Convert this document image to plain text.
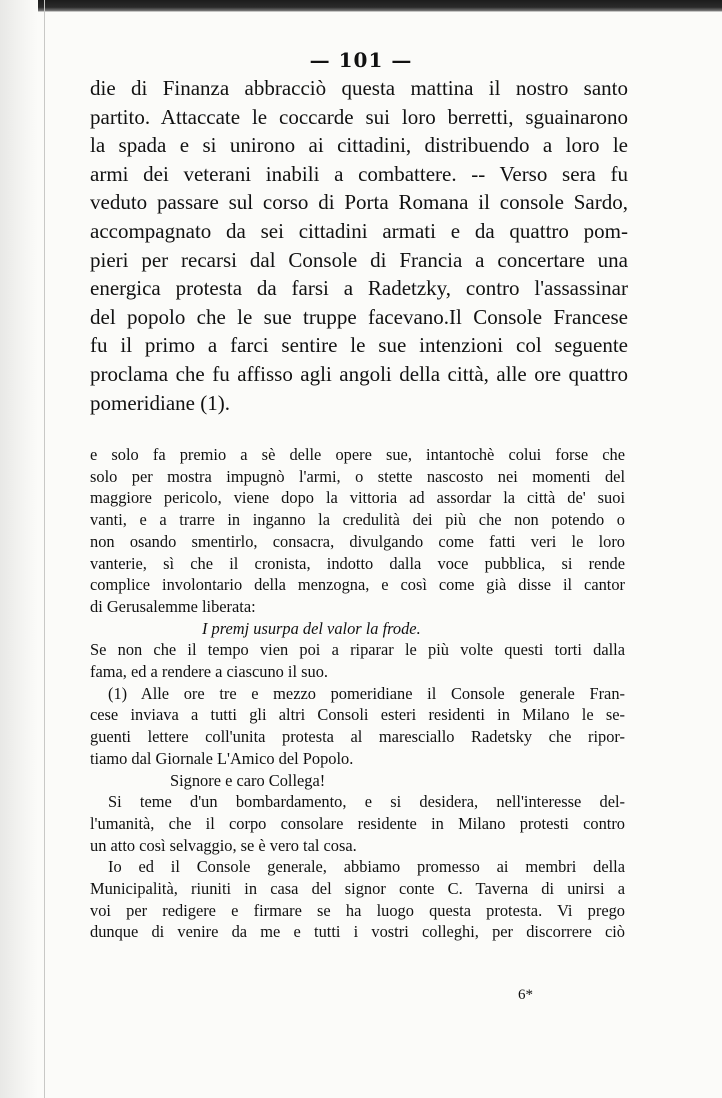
— 101 —
die di Finanza abbracciò questa mattina il nostro santo
partito. Attaccate le coccarde sui loro berretti, sguainarono
la spada e si unirono ai cittadini, distribuendo a loro le
armi dei veterani inabili a combattere. -- Verso sera fu
veduto passare sul corso di Porta Romana il console Sardo,
accompagnato da sei cittadini armati e da quattro pom-
pieri per recarsi dal Console di Francia a concertare una
energica protesta da farsi a Radetzky, contro l'assassinar
del popolo che le sue truppe facevano.Il Console Francese
fu il primo a farci sentire le sue intenzioni col seguente
proclama che fu affisso agli angoli della città, alle ore quattro
pomeridiane (1).
e solo fa premio a sè delle opere sue, intantochè colui forse che
solo per mostra impugnò l'armi, o stette nascosto nei momenti del
maggiore pericolo, viene dopo la vittoria ad assordar la città de' suoi
vanti, e a trarre in inganno la credulità dei più che non potendo o
non osando smentirlo, consacra, divulgando come fatti veri le loro
vanterie, sì che il cronista, indotto dalla voce pubblica, si rende
complice involontario della menzogna, e così come già disse il cantor
di Gerusalemme liberata:
I premj usurpa del valor la frode.
Se non che il tempo vien poi a riparar le più volte questi torti dalla
fama, ed a rendere a ciascuno il suo.
(1) Alle ore tre e mezzo pomeridiane il Console generale Fran-
cese inviava a tutti gli altri Consoli esteri residenti in Milano le se-
guenti lettere coll'unita protesta al maresciallo Radetsky che ripor-
tiamo dal Giornale L'Amico del Popolo.
Signore e caro Collega!
Si teme d'un bombardamento, e si desidera, nell'interesse del-
l'umanità, che il corpo consolare residente in Milano protesti contro
un atto così selvaggio, se è vero tal cosa.
Io ed il Console generale, abbiamo promesso ai membri della
Municipalità, riuniti in casa del signor conte C. Taverna di unirsi a
voi per redigere e firmare se ha luogo questa protesta. Vi prego
dunque di venire da me e tutti i vostri colleghi, per discorrere ciò
6*
